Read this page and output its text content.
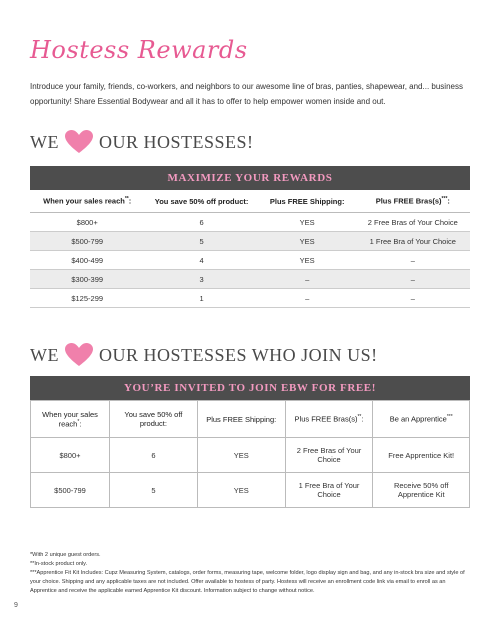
Hostess Rewards
Introduce your family, friends, co-workers, and neighbors to our awesome line of bras, panties, shapewear, and... business opportunity! Share Essential Bodywear and all it has to offer to help empower women inside and out.
WE OUR HOSTESSES!
MAXIMIZE YOUR REWARDS
When your sales reach**:	You save 50% off product:	Plus FREE Shipping:	Plus FREE Bras(s)***:
$800+	6	YES	2 Free Bras of Your Choice
$500-799	5	YES	1 Free Bra of Your Choice
$400-499	4	YES	–
$300-399	3	–	–
$125-299	1	–	–
WE OUR HOSTESSES WHO JOIN US!
YOU’RE INVITED TO JOIN EBW FOR FREE!
When your sales reach*:	You save 50% off product:	Plus FREE Shipping:	Plus FREE Bras(s)**:	Be an Apprentice***
$800+	6	YES	2 Free Bras of Your Choice	Free Apprentice Kit!
$500-799	5	YES	1 Free Bra of Your Choice	Receive 50% off Apprentice Kit
*With 2 unique guest orders.
**In-stock product only.
***Apprentice Fit Kit Includes: Cupz Measuring System, catalogs, order forms, measuring tape, welcome folder, logo display sign and bag, and any in-stock bra size and style of your choice. Shipping and any applicable taxes are not included. Offer available to hostess of party. Hostess will receive an enrollment code link via email to enroll as an Apprentice and receive the applicable earned Apprentice Kit discount. Information subject to change without notice.
9
